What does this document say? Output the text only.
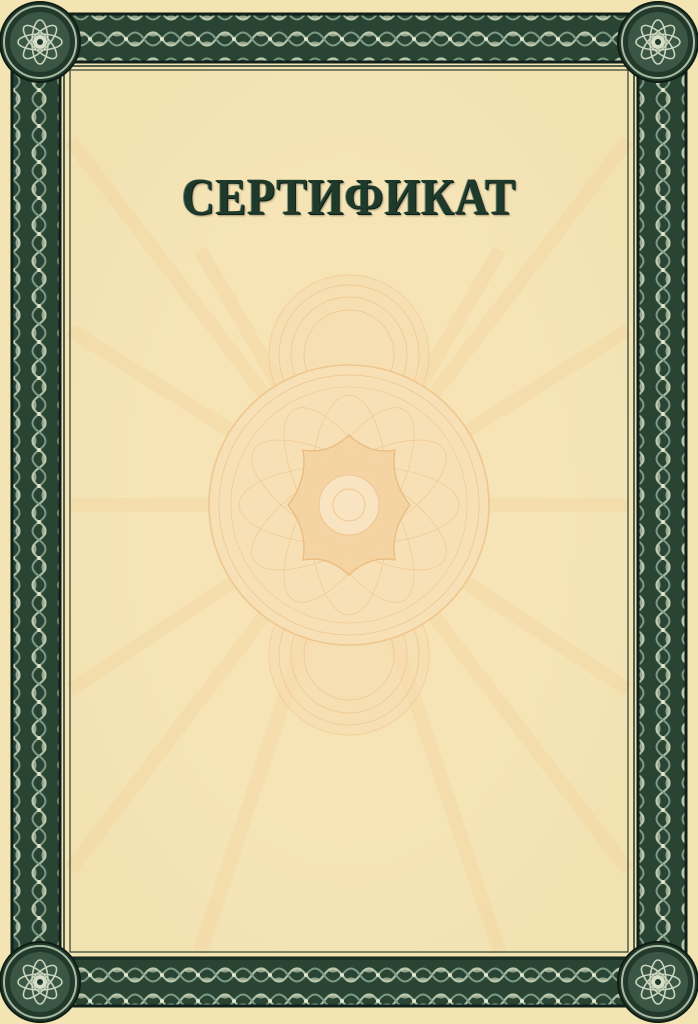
СЕРТИФИКАТ
